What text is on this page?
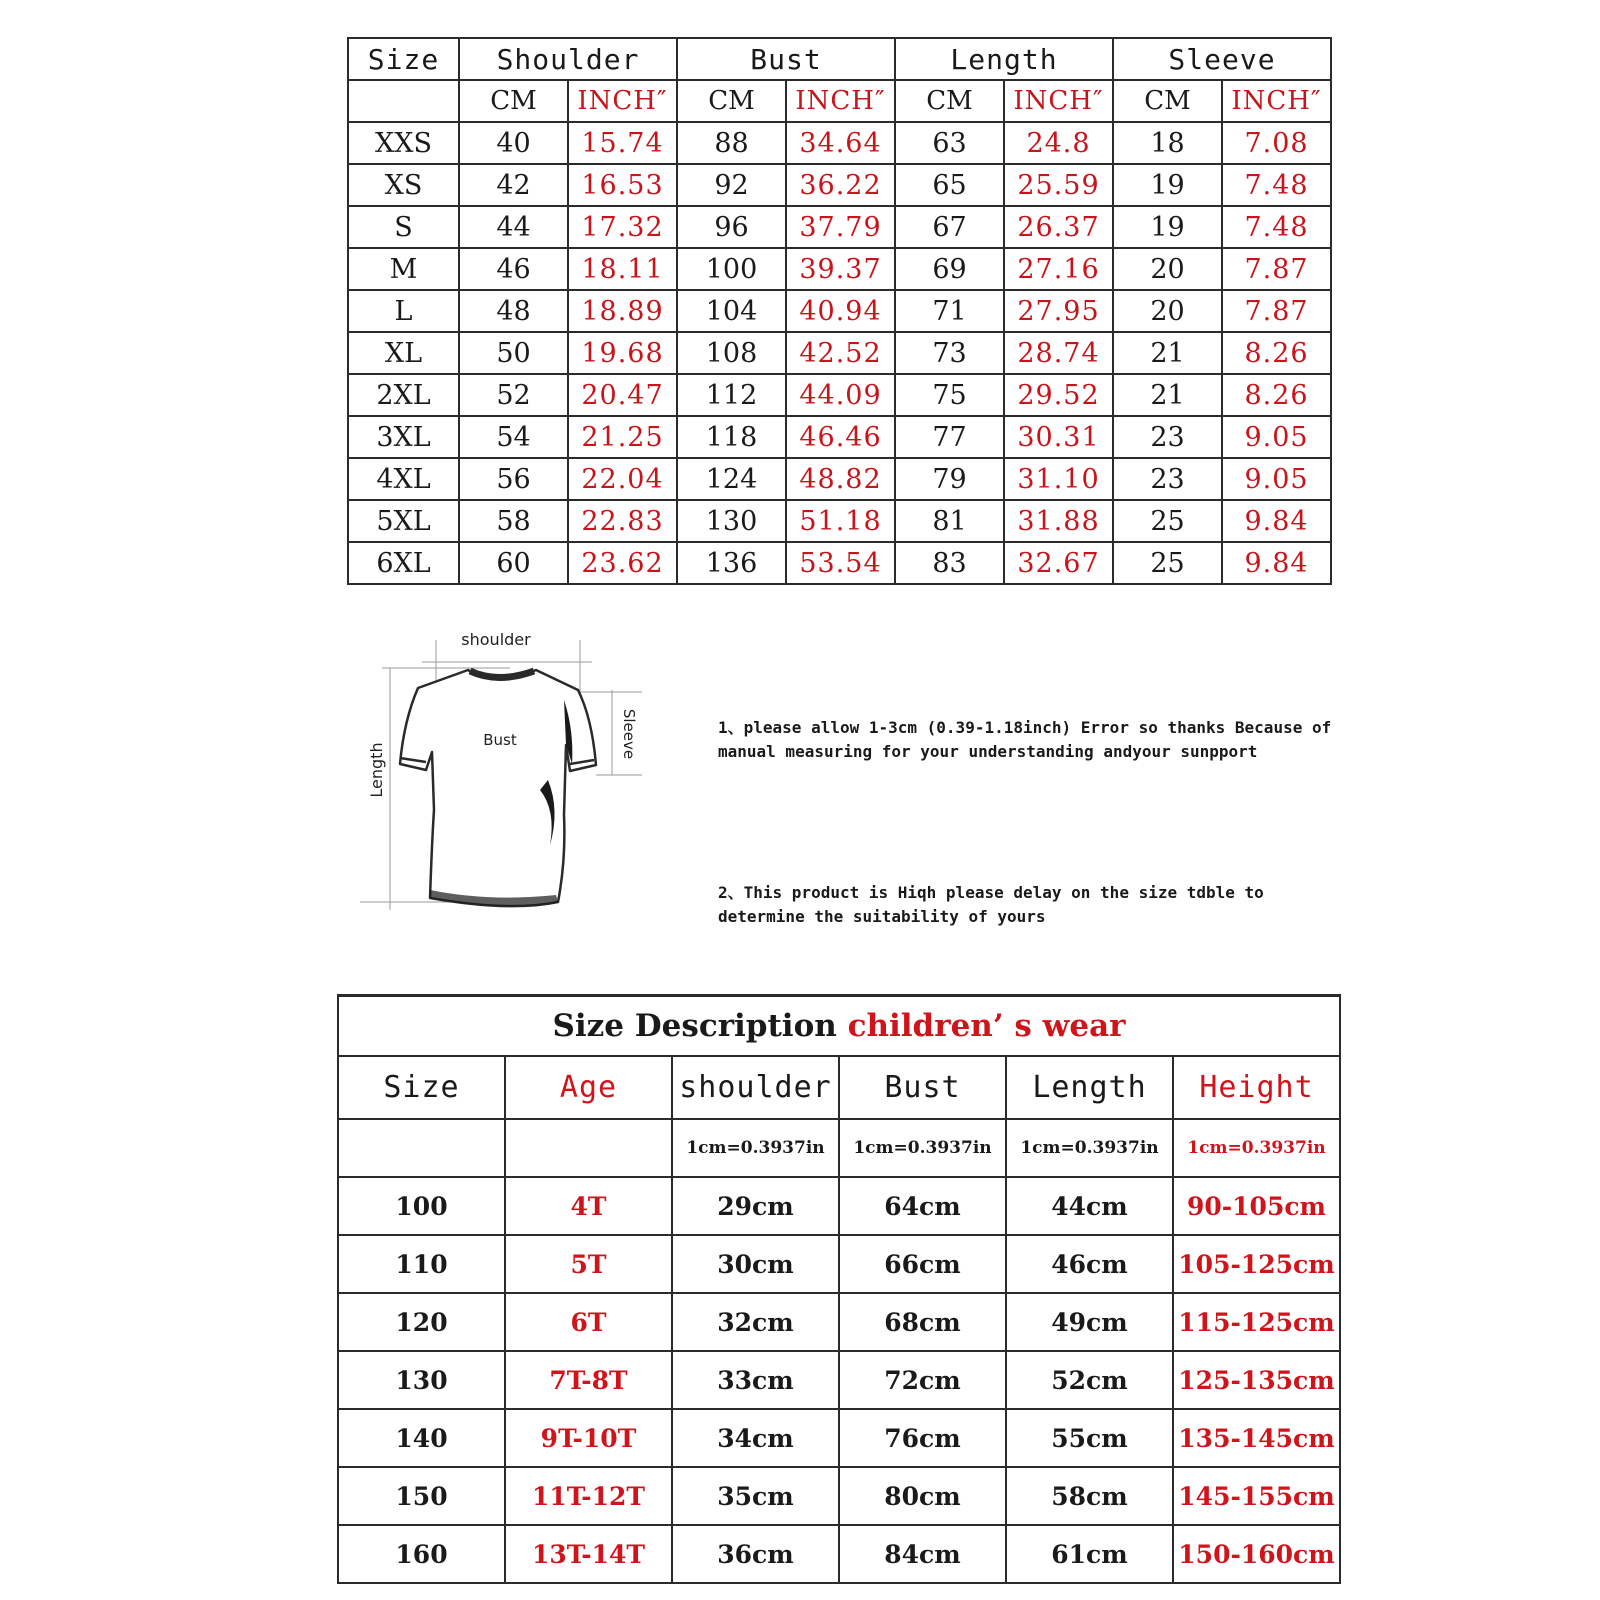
Size	Shoulder		Bust		Length		Sleeve	
	CM	INCH″	CM	INCH″	CM	INCH″	CM	INCH″
XXS	40	15.74	88	34.64	63	24.8	18	7.08
XS	42	16.53	92	36.22	65	25.59	19	7.48
S	44	17.32	96	37.79	67	26.37	19	7.48
M	46	18.11	100	39.37	69	27.16	20	7.87
L	48	18.89	104	40.94	71	27.95	20	7.87
XL	50	19.68	108	42.52	73	28.74	21	8.26
2XL	52	20.47	112	44.09	75	29.52	21	8.26
3XL	54	21.25	118	46.46	77	30.31	23	9.05
4XL	56	22.04	124	48.82	79	31.10	23	9.05
5XL	58	22.83	130	51.18	81	31.88	25	9.84
6XL	60	23.62	136	53.54	83	32.67	25	9.84
shoulder
Bust
Length
Sleeve	1、please allow 1-3cm (0.39-1.18inch) Error so thanks Because of manual measuring for your understanding andyour sunpport

2、This product is Hiqh please delay on the size tdble to determine the suitability of yours

Size Description children’ s wear					
Size	Age	shoulder	Bust	Length	Height
		1cm=0.3937in	1cm=0.3937in	1cm=0.3937in	1cm=0.3937in
100	4T	29cm	64cm	44cm	90-105cm
110	5T	30cm	66cm	46cm	105-125cm
120	6T	32cm	68cm	49cm	115-125cm
130	7T-8T	33cm	72cm	52cm	125-135cm
140	9T-10T	34cm	76cm	55cm	135-145cm
150	11T-12T	35cm	80cm	58cm	145-155cm
160	13T-14T	36cm	84cm	61cm	150-160cm
